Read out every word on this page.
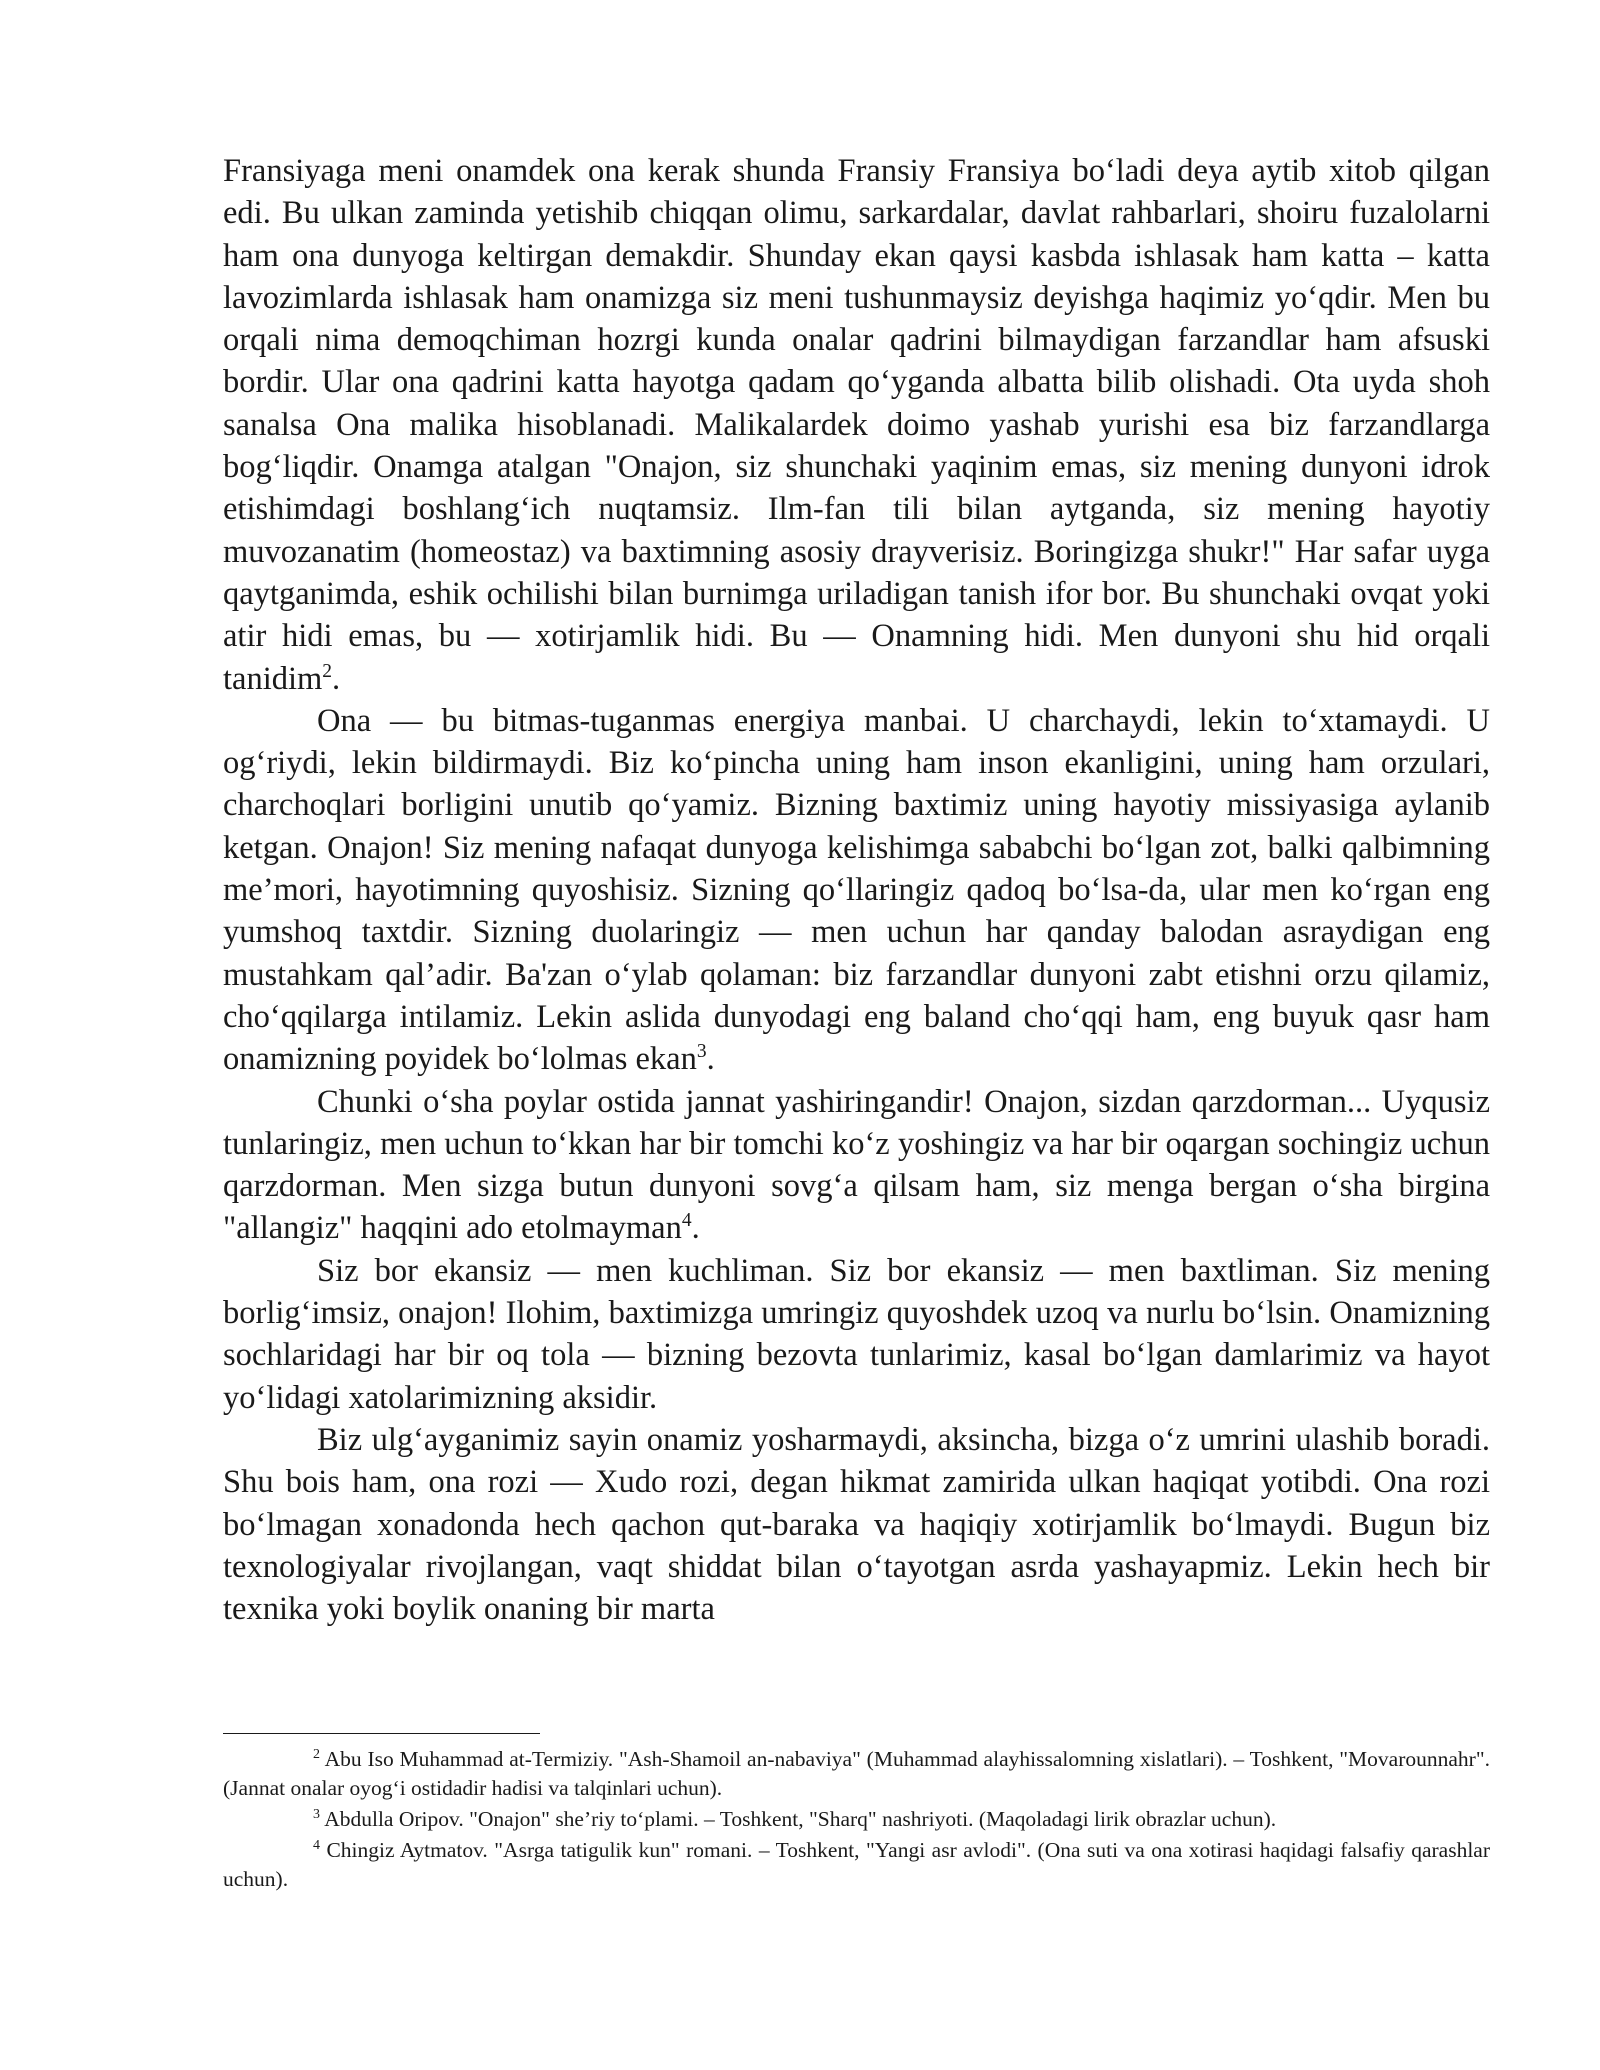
Fransiyaga meni onamdek ona kerak shunda Fransiy Fransiya bo‘ladi deya aytib xitob qilgan edi. Bu ulkan zaminda yetishib chiqqan olimu, sarkardalar, davlat rahbarlari, shoiru fuzalolarni ham ona dunyoga keltirgan demakdir. Shunday ekan qaysi kasbda ishlasak ham katta – katta lavozimlarda ishlasak ham onamizga siz meni tushunmaysiz deyishga haqimiz yo‘qdir. Men bu orqali nima demoqchiman hozrgi kunda onalar qadrini bilmaydigan farzandlar ham afsuski bordir. Ular ona qadrini katta hayotga qadam qo‘yganda albatta bilib olishadi. Ota uyda shoh sanalsa Ona malika hisoblanadi. Malikalardek doimo yashab yurishi esa biz farzandlarga bog‘liqdir. Onamga atalgan "Onajon, siz shunchaki yaqinim emas, siz mening dunyoni idrok etishimdagi boshlang‘ich nuqtamsiz. Ilm-fan tili bilan aytganda, siz mening hayotiy muvozanatim (homeostaz) va baxtimning asosiy drayverisiz. Boringizga shukr!" Har safar uyga qaytganimda, eshik ochilishi bilan burnimga uriladigan tanish ifor bor. Bu shunchaki ovqat yoki atir hidi emas, bu — xotirjamlik hidi. Bu — Onamning hidi. Men dunyoni shu hid orqali tanidim$^2$.

Ona — bu bitmas-tuganmas energiya manbai. U charchaydi, lekin to‘xtamaydi. U og‘riydi, lekin bildirmaydi. Biz ko‘pincha uning ham inson ekanligini, uning ham orzulari, charchoqlari borligini unutib qo‘yamiz. Bizning baxtimiz uning hayotiy missiyasiga aylanib ketgan. Onajon! Siz mening nafaqat dunyoga kelishimga sababchi bo‘lgan zot, balki qalbimning me’mori, hayotimning quyoshisiz. Sizning qo‘llaringiz qadoq bo‘lsa-da, ular men ko‘rgan eng yumshoq taxtdir. Sizning duolaringiz — men uchun har qanday balodan asraydigan eng mustahkam qal’adir. Ba'zan o‘ylab qolaman: biz farzandlar dunyoni zabt etishni orzu qilamiz, cho‘qqilarga intilamiz. Lekin aslida dunyodagi eng baland cho‘qqi ham, eng buyuk qasr ham onamizning poyidek bo‘lolmas ekan$^3$.

Chunki o‘sha poylar ostida jannat yashiringandir! Onajon, sizdan qarzdorman... Uyqusiz tunlaringiz, men uchun to‘kkan har bir tomchi ko‘z yoshingiz va har bir oqargan sochingiz uchun qarzdorman. Men sizga butun dunyoni sovg‘a qilsam ham, siz menga bergan o‘sha birgina "allangiz" haqqini ado etolmayman$^4$.

Siz bor ekansiz — men kuchliman. Siz bor ekansiz — men baxtliman. Siz mening borlig‘imsiz, onajon! Ilohim, baxtimizga umringiz quyoshdek uzoq va nurlu bo‘lsin. Onamizning sochlaridagi har bir oq tola — bizning bezovta tunlarimiz, kasal bo‘lgan damlarimiz va hayot yo‘lidagi xatolarimizning aksidir.

Biz ulg‘ayganimiz sayin onamiz yosharmaydi, aksincha, bizga o‘z umrini ulashib boradi. Shu bois ham, ona rozi — Xudo rozi, degan hikmat zamirida ulkan haqiqat yotibdi. Ona rozi bo‘lmagan xonadonda hech qachon qut-baraka va haqiqiy xotirjamlik bo‘lmaydi. Bugun biz texnologiyalar rivojlangan, vaqt shiddat bilan o‘tayotgan asrda yashayapmiz. Lekin hech bir texnika yoki boylik onaning bir marta

$^2$ Abu Iso Muhammad at-Termiziy. "Ash-Shamoil an-nabaviya" (Muhammad alayhissalomning xislatlari). – Toshkent, "Movarounnahr". (Jannat onalar oyog‘i ostidadir hadisi va talqinlari uchun).

$^3$ Abdulla Oripov. "Onajon" she’riy to‘plami. – Toshkent, "Sharq" nashriyoti. (Maqoladagi lirik obrazlar uchun).

$^4$ Chingiz Aytmatov. "Asrga tatigulik kun" romani. – Toshkent, "Yangi asr avlodi". (Ona suti va ona xotirasi haqidagi falsafiy qarashlar uchun).
